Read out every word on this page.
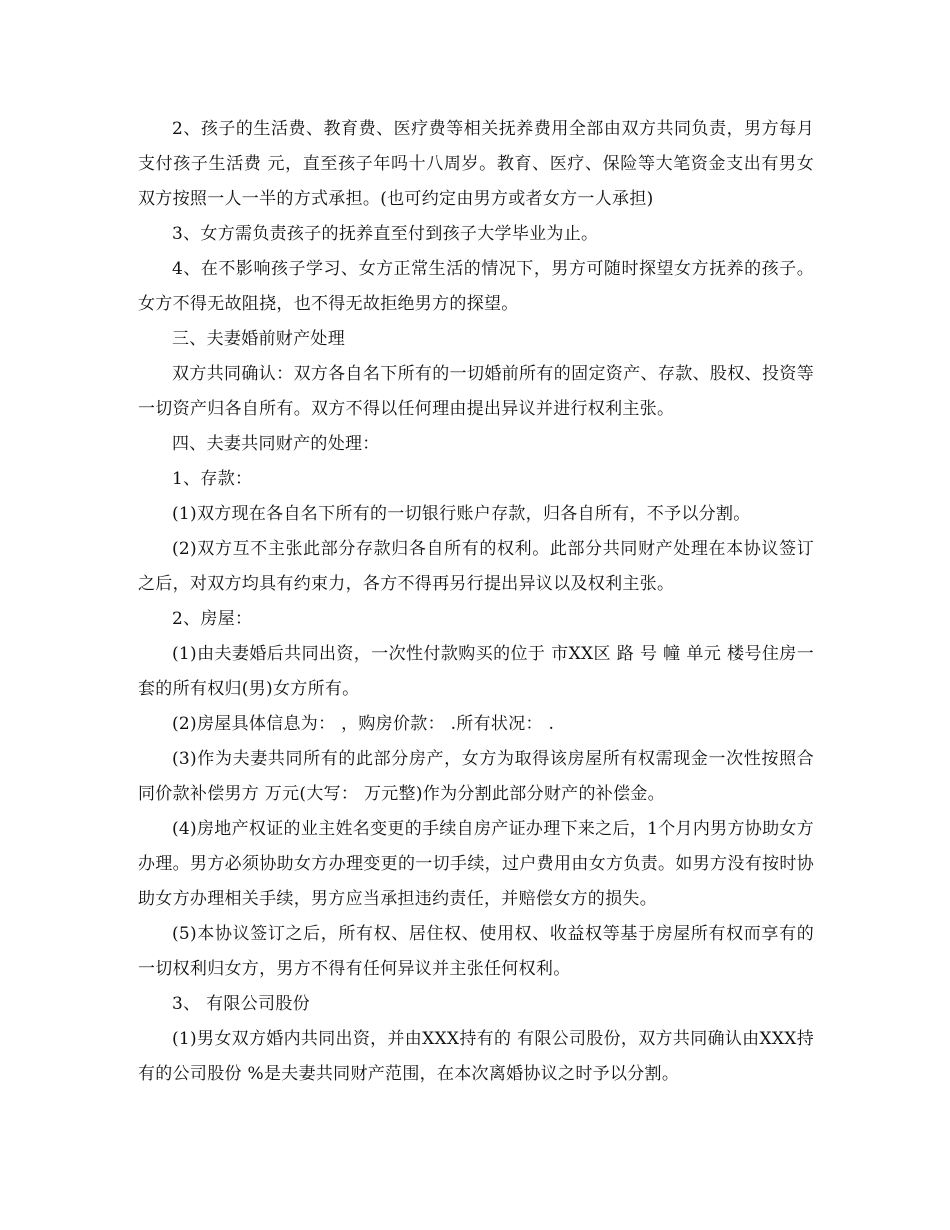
2、孩子的生活费、教育费、医疗费等相关抚养费用全部由双方共同负责，男方每月支付孩子生活费 元，直至孩子年吗十八周岁。教育、医疗、保险等大笔资金支出有男女双方按照一人一半的方式承担。(也可约定由男方或者女方一人承担)

3、女方需负责孩子的抚养直至付到孩子大学毕业为止。

4、在不影响孩子学习、女方正常生活的情况下，男方可随时探望女方抚养的孩子。女方不得无故阻挠，也不得无故拒绝男方的探望。

三、夫妻婚前财产处理

双方共同确认：双方各自名下所有的一切婚前所有的固定资产、存款、股权、投资等一切资产归各自所有。双方不得以任何理由提出异议并进行权利主张。

四、夫妻共同财产的处理：

1、存款：

(1)双方现在各自名下所有的一切银行账户存款，归各自所有，不予以分割。

(2)双方互不主张此部分存款归各自所有的权利。此部分共同财产处理在本协议签订之后，对双方均具有约束力，各方不得再另行提出异议以及权利主张。

2、房屋：

(1)由夫妻婚后共同出资，一次性付款购买的位于 市XX区 路 号 幢 单元 楼号住房一套的所有权归(男)女方所有。

(2)房屋具体信息为： ，购房价款： .所有状况： .

(3)作为夫妻共同所有的此部分房产，女方为取得该房屋所有权需现金一次性按照合同价款补偿男方 万元(大写： 万元整)作为分割此部分财产的补偿金。

(4)房地产权证的业主姓名变更的手续自房产证办理下来之后，1个月内男方协助女方办理。男方必须协助女方办理变更的一切手续，过户费用由女方负责。如男方没有按时协助女方办理相关手续，男方应当承担违约责任，并赔偿女方的损失。

(5)本协议签订之后，所有权、居住权、使用权、收益权等基于房屋所有权而享有的一切权利归女方，男方不得有任何异议并主张任何权利。

3、 有限公司股份

(1)男女双方婚内共同出资，并由XXX持有的 有限公司股份，双方共同确认由XXX持有的公司股份 %是夫妻共同财产范围，在本次离婚协议之时予以分割。
